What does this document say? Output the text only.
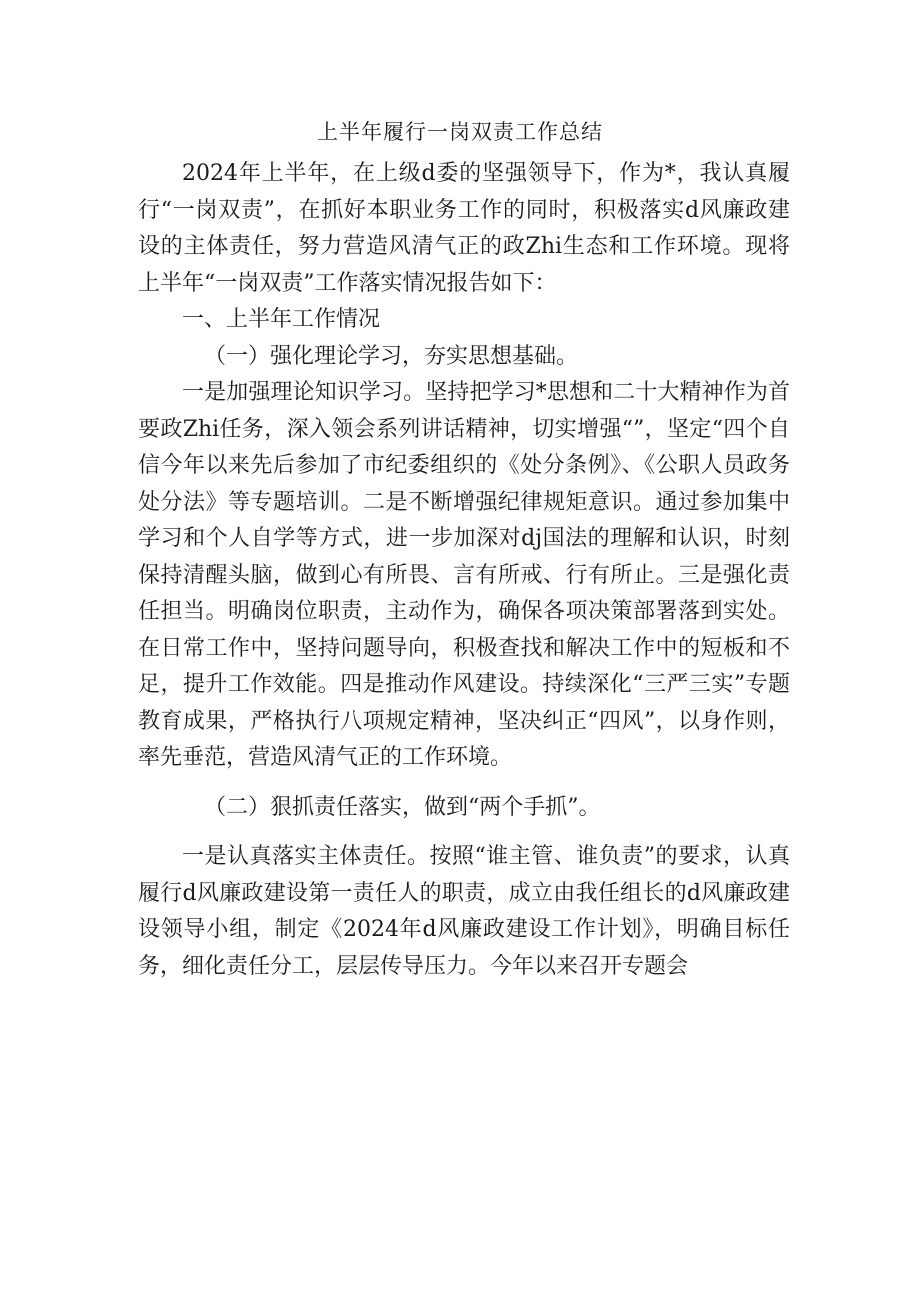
上半年履行一岗双责工作总结

2024年上半年，在上级d委的坚强领导下，作为*，我认真履行“一岗双责”，在抓好本职业务工作的同时，积极落实d风廉政建设的主体责任，努力营造风清气正的政Zhi生态和工作环境。现将上半年“一岗双责”工作落实情况报告如下：

一、上半年工作情况

（一）强化理论学习，夯实思想基础。

一是加强理论知识学习。坚持把学习*思想和二十大精神作为首要政Zhi任务，深入领会系列讲话精神，切实增强“”，坚定“四个自信今年以来先后参加了市纪委组织的《处分条例》、《公职人员政务处分法》等专题培训。二是不断增强纪律规矩意识。通过参加集中学习和个人自学等方式，进一步加深对dj国法的理解和认识，时刻保持清醒头脑，做到心有所畏、言有所戒、行有所止。三是强化责任担当。明确岗位职责，主动作为，确保各项决策部署落到实处。在日常工作中，坚持问题导向，积极查找和解决工作中的短板和不足，提升工作效能。四是推动作风建设。持续深化“三严三实”专题教育成果，严格执行八项规定精神，坚决纠正“四风”，以身作则，率先垂范，营造风清气正的工作环境。

（二）狠抓责任落实，做到“两个手抓”。

一是认真落实主体责任。按照“谁主管、谁负责”的要求，认真履行d风廉政建设第一责任人的职责，成立由我任组长的d风廉政建设领导小组，制定《2024年d风廉政建设工作计划》，明确目标任务，细化责任分工，层层传导压力。今年以来召开专题会
